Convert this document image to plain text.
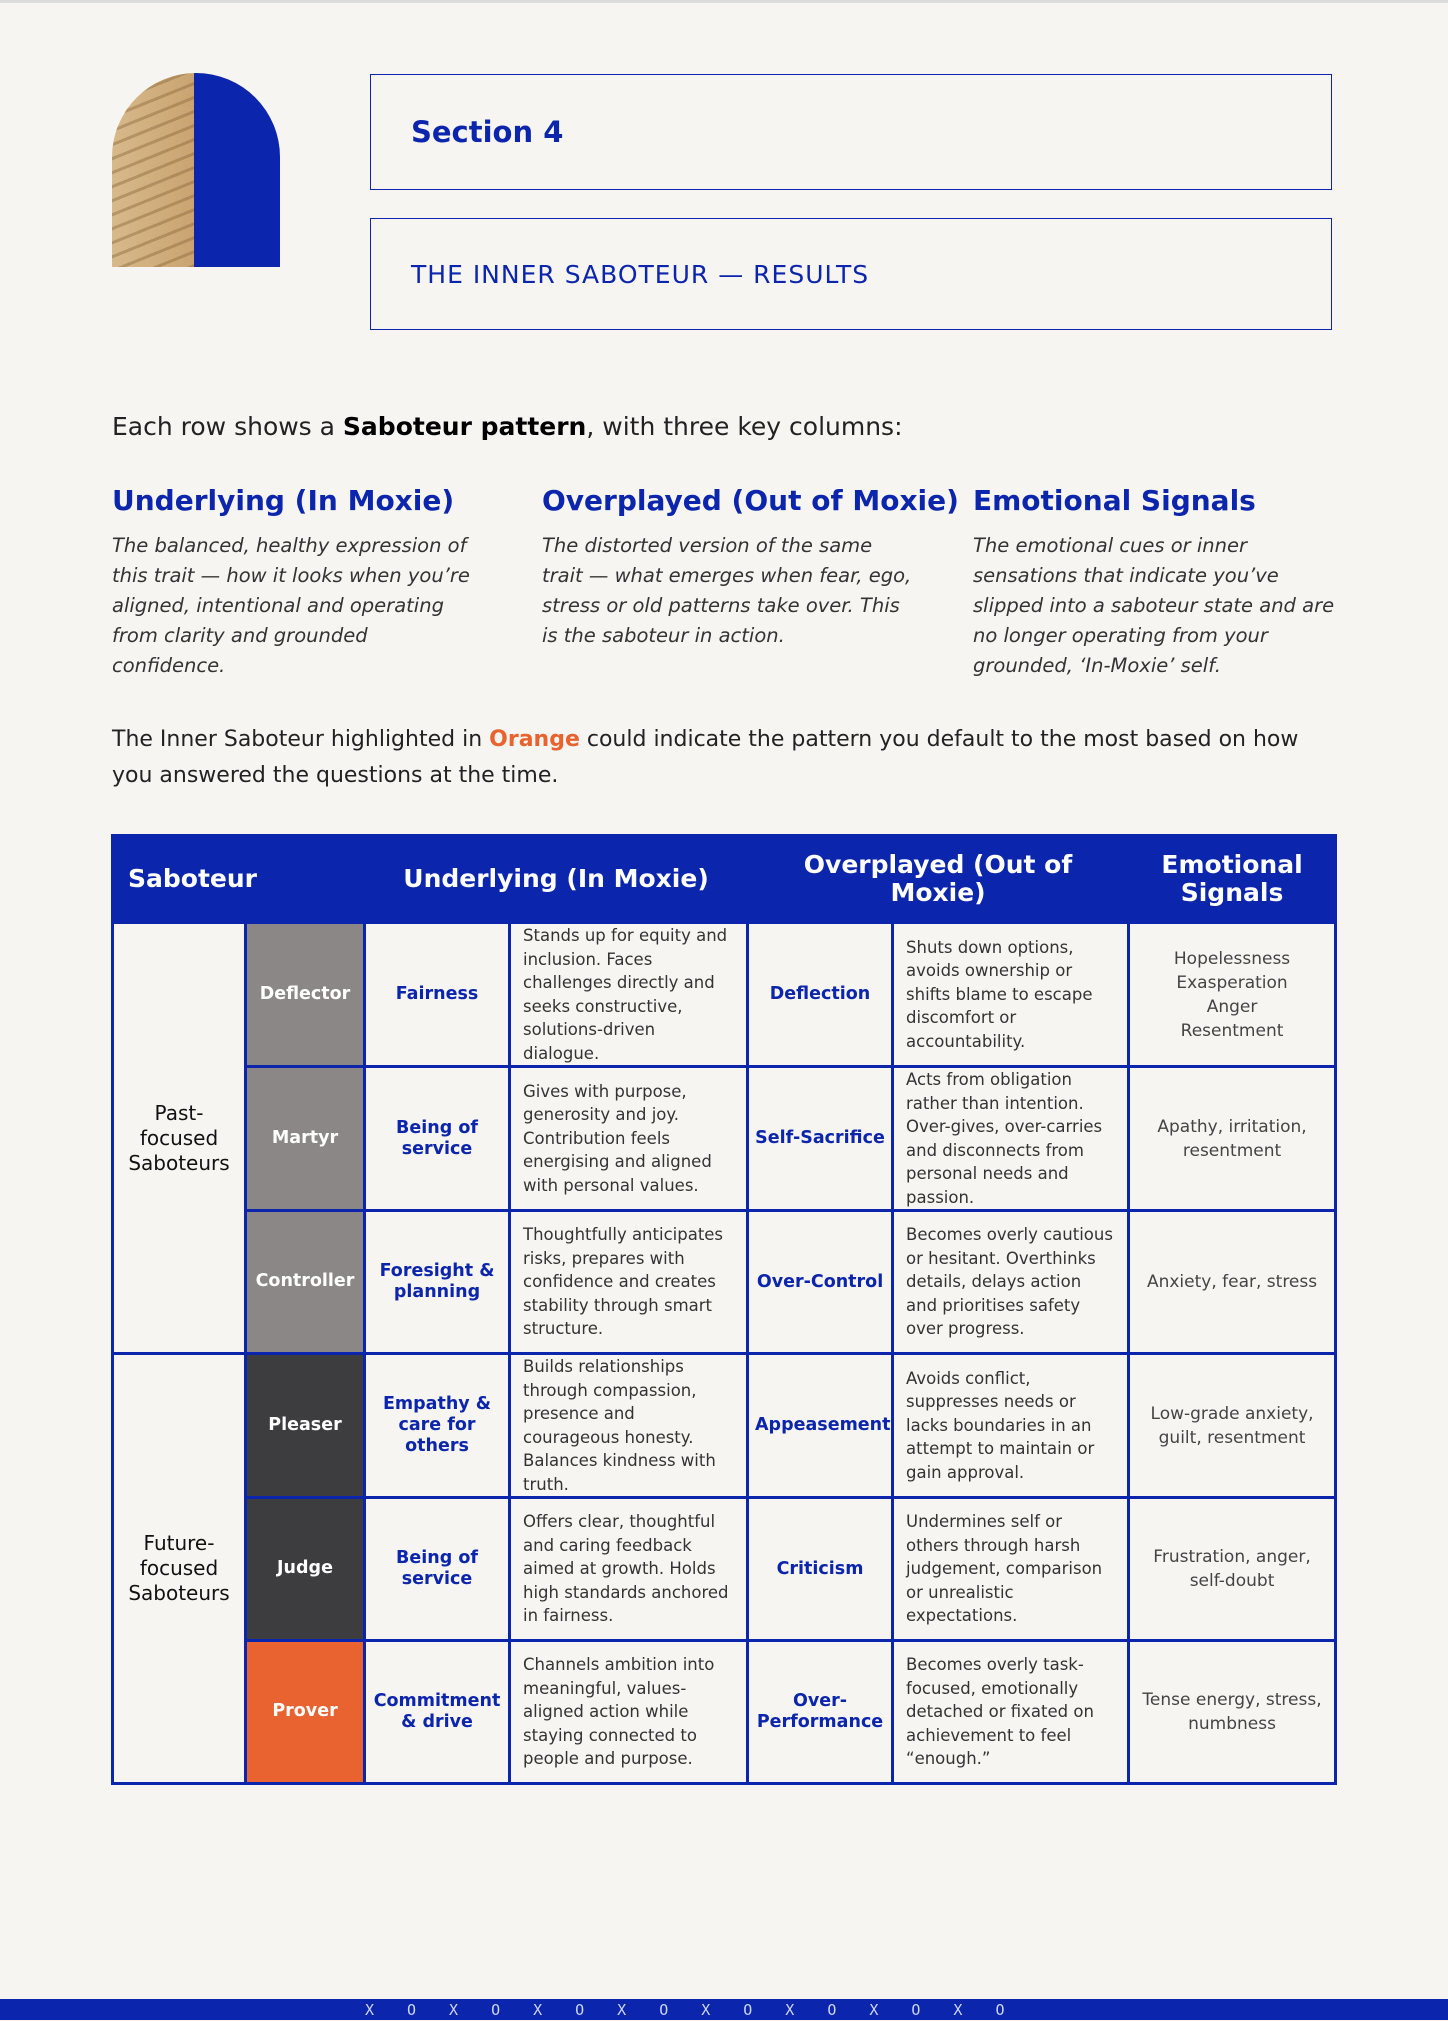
Section 4
THE INNER SABOTEUR — RESULTS
Each row shows a Saboteur pattern, with three key columns:
Underlying (In Moxie)

The balanced, healthy expression of this trait — how it looks when you’re aligned, intentional and operating from clarity and grounded confidence.

Overplayed (Out of Moxie)

The distorted version of the same trait — what emerges when fear, ego, stress or old patterns take over. This is the saboteur in action.

Emotional Signals

The emotional cues or inner sensations that indicate you’ve slipped into a saboteur state and are no longer operating from your grounded, ‘In-Moxie’ self.

The Inner Saboteur highlighted in Orange could indicate the pattern you default to the most based on how you answered the questions at the time.
Saboteur		Underlying (In Moxie)		Overplayed (Out of Moxie)		Emotional Signals
Past-focused Saboteurs	Deflector	Fairness	Stands up for equity and inclusion. Faces challenges directly and seeks constructive, solutions-driven dialogue.	Deflection	Shuts down options, avoids ownership or shifts blame to escape discomfort or accountability.	Hopelessness
Exasperation
Anger
Resentment
	Martyr	Being of service	Gives with purpose, generosity and joy. Contribution feels energising and aligned with personal values.	Self-Sacrifice	Acts from obligation rather than intention. Over-gives, over-carries and disconnects from personal needs and passion.	Apathy, irritation, resentment
	Controller	Foresight & planning	Thoughtfully anticipates risks, prepares with confidence and creates stability through smart structure.	Over-Control	Becomes overly cautious or hesitant. Overthinks details, delays action and prioritises safety over progress.	Anxiety, fear, stress
Future-focused Saboteurs	Pleaser	Empathy & care for others	Builds relationships through compassion, presence and courageous honesty. Balances kindness with truth.	Appeasement	Avoids conflict, suppresses needs or lacks boundaries in an attempt to maintain or gain approval.	Low-grade anxiety, guilt, resentment
	Judge	Being of service	Offers clear, thoughtful and caring feedback aimed at growth. Holds high standards anchored in fairness.	Criticism	Undermines self or others through harsh judgement, comparison or unrealistic expectations.	Frustration, anger, self-doubt
	Prover	Commitment & drive	Channels ambition into meaningful, values-aligned action while staying connected to people and purpose.	Over-Performance	Becomes overly task-focused, emotionally detached or fixated on achievement to feel “enough.”	Tense energy, stress, numbness
XOXOXOXOXOXOXOXO
